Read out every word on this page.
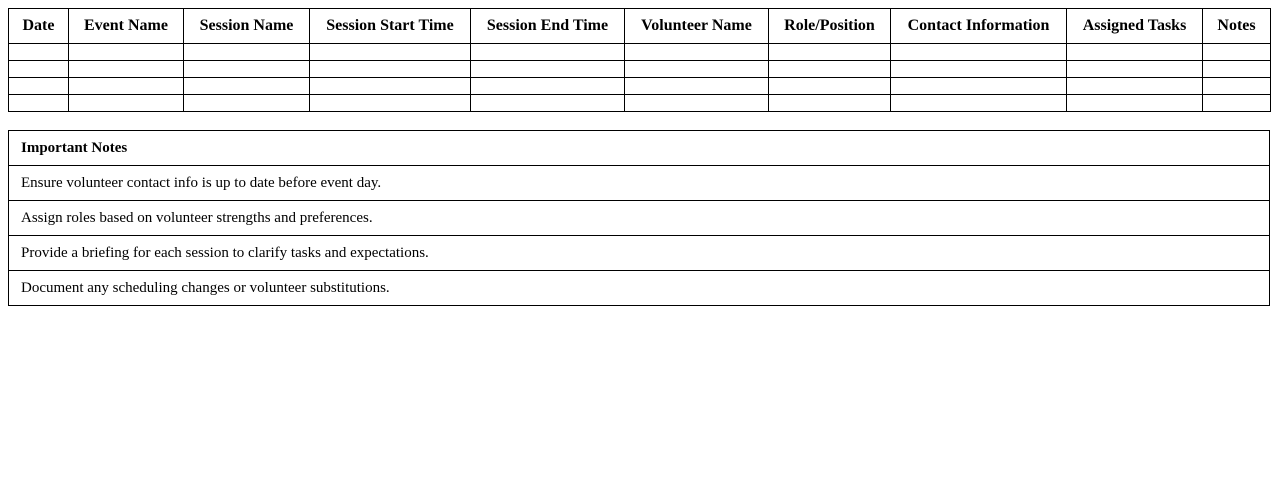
Date	Event Name	Session Name	Session Start Time	Session End Time	Volunteer Name	Role/Position	Contact Information	Assigned Tasks	Notes

Important Notes
Ensure volunteer contact info is up to date before event day.
Assign roles based on volunteer strengths and preferences.
Provide a briefing for each session to clarify tasks and expectations.
Document any scheduling changes or volunteer substitutions.
